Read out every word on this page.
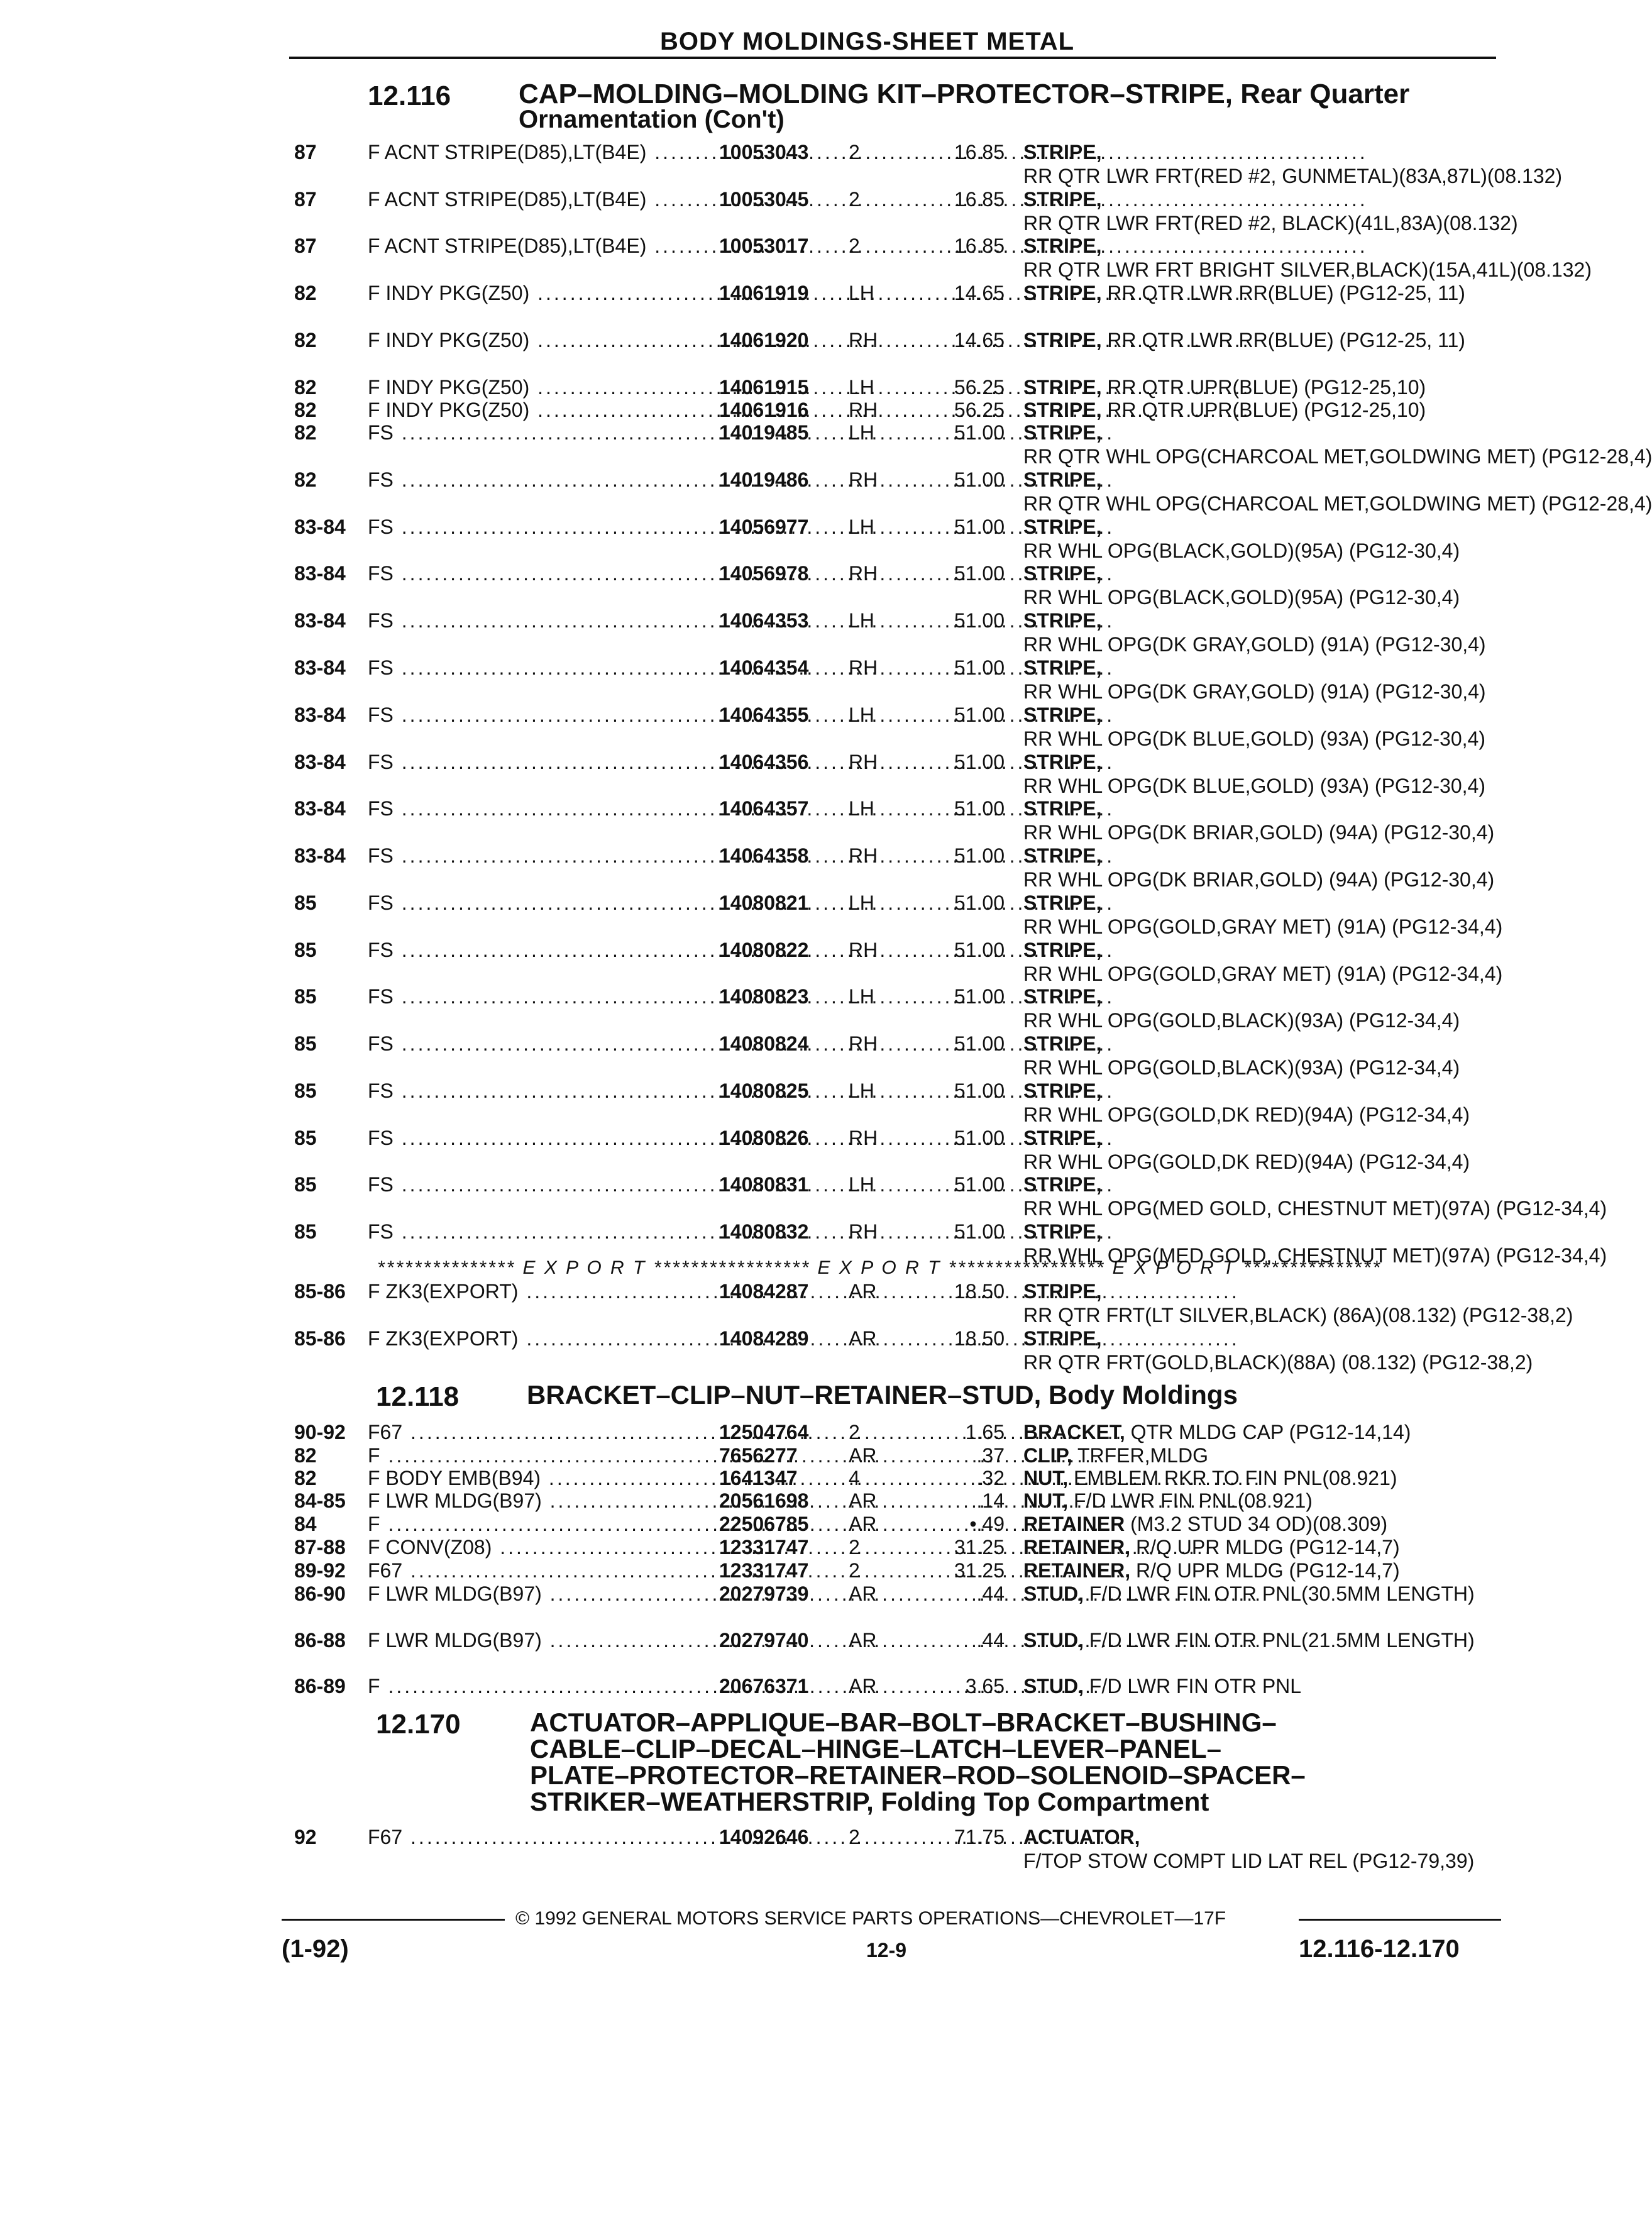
BODY MOLDINGS-SHEET METAL
12.116 CAP–MOLDING–MOLDING KIT–PROTECTOR–STRIPE, Rear Quarter
Ornamentation (Con't)
87	F ACNT STRIPE(D85),LT(B4E) .....	10053043 2	16.85 STRIPE, RR QTR LWR FRT(RED #2, GUNMETAL)(83A,87L)(08.132)
87	F ACNT STRIPE(D85),LT(B4E) .....	10053045 2	16.85 STRIPE, RR QTR LWR FRT(RED #2, BLACK)(41L,83A)(08.132)
87	F ACNT STRIPE(D85),LT(B4E) .....	10053017 2	16.85 STRIPE, RR QTR LWR FRT BRIGHT SILVER,BLACK)(15A,41L)(08.132)
82	F INDY PKG(Z50) .....	14061919 LH	14.65 STRIPE, RR QTR LWR RR(BLUE) (PG12-25, 11)
82	F INDY PKG(Z50) .....	14061920 RH	14.65 STRIPE, RR QTR LWR RR(BLUE) (PG12-25, 11)
82	F INDY PKG(Z50) .....	14061915 LH	56.25 STRIPE, RR QTR UPR(BLUE) (PG12-25,10)
82	F INDY PKG(Z50) .....	14061916 RH	56.25 STRIPE, RR QTR UPR(BLUE) (PG12-25,10)
82	FS .....	14019485 LH	51.00 STRIPE, RR QTR WHL OPG(CHARCOAL MET,GOLDWING MET) (PG12-28,4)
82	FS .....	14019486 RH	51.00 STRIPE, RR QTR WHL OPG(CHARCOAL MET,GOLDWING MET) (PG12-28,4)
83-84 FS .....	14056977 LH	51.00 STRIPE, RR WHL OPG(BLACK,GOLD)(95A) (PG12-30,4)
83-84 FS .....	14056978 RH	51.00 STRIPE, RR WHL OPG(BLACK,GOLD)(95A) (PG12-30,4)
83-84 FS .....	14064353 LH	51.00 STRIPE, RR WHL OPG(DK GRAY,GOLD) (91A) (PG12-30,4)
83-84 FS .....	14064354 RH	51.00 STRIPE, RR WHL OPG(DK GRAY,GOLD) (91A) (PG12-30,4)
83-84 FS .....	14064355 LH	51.00 STRIPE, RR WHL OPG(DK BLUE,GOLD) (93A) (PG12-30,4)
83-84 FS .....	14064356 RH	51.00 STRIPE, RR WHL OPG(DK BLUE,GOLD) (93A) (PG12-30,4)
83-84 FS .....	14064357 LH	51.00 STRIPE, RR WHL OPG(DK BRIAR,GOLD) (94A) (PG12-30,4)
83-84 FS .....	14064358 RH	51.00 STRIPE, RR WHL OPG(DK BRIAR,GOLD) (94A) (PG12-30,4)
85	FS .....	14080821 LH	51.00 STRIPE, RR WHL OPG(GOLD,GRAY MET) (91A) (PG12-34,4)
85	FS .....	14080822 RH	51.00 STRIPE, RR WHL OPG(GOLD,GRAY MET) (91A) (PG12-34,4)
85	FS .....	14080823 LH	51.00 STRIPE, RR WHL OPG(GOLD,BLACK)(93A) (PG12-34,4)
85	FS .....	14080824 RH	51.00 STRIPE, RR WHL OPG(GOLD,BLACK)(93A) (PG12-34,4)
85	FS .....	14080825 LH	51.00 STRIPE, RR WHL OPG(GOLD,DK RED)(94A) (PG12-34,4)
85	FS .....	14080826 RH	51.00 STRIPE, RR WHL OPG(GOLD,DK RED)(94A) (PG12-34,4)
85	FS .....	14080831 LH	51.00 STRIPE, RR WHL OPG(MED GOLD, CHESTNUT MET)(97A) (PG12-34,4)
85	FS .....	14080832 RH	51.00 STRIPE, RR WHL OPG(MED GOLD, CHESTNUT MET)(97A) (PG12-34,4)
*************** E X P O R T ***************** E X P O R T ***************** E X P O R T ***************
85-86 F ZK3(EXPORT) .....	14084287 AR	18.50 STRIPE, RR QTR FRT(LT SILVER,BLACK) (86A)(08.132) (PG12-38,2)
85-86 F ZK3(EXPORT) .....	14084289 AR	18.50 STRIPE, RR QTR FRT(GOLD,BLACK)(88A) (08.132) (PG12-38,2)
12.118	BRACKET–CLIP–NUT–RETAINER–STUD, Body Moldings
90-92 F67 .....	12504764 2	1.65 BRACKET, QTR MLDG CAP (PG12-14,14)
82	F .....	7656277	AR	.37 CLIP, TRFER,MLDG
82	F BODY EMB(B94) .....	1641347	4	.32 NUT, EMBLEM RKR TO FIN PNL(08.921)
84-85 F LWR MLDG(B97) .....	20561698 AR	.14 NUT, F/D LWR FIN PNL(08.921)
84	F .....	22506785 AR	•.49 RETAINER (M3.2 STUD 34 OD)(08.309)
87-88 F CONV(Z08) .....	12331747 2	31.25 RETAINER, R/Q UPR MLDG (PG12-14,7)
89-92 F67 .....	12331747 2	31.25 RETAINER, R/Q UPR MLDG (PG12-14,7)
86-90 F LWR MLDG(B97) .....	20279739 AR	.44 STUD, F/D LWR FIN OTR PNL(30.5MM LENGTH)
86-88 F LWR MLDG(B97) .....	20279740 AR	.44 STUD, F/D LWR FIN OTR PNL(21.5MM LENGTH)
86-89 F .....	20676371 AR	3.65 STUD, F/D LWR FIN OTR PNL
12.170	ACTUATOR–APPLIQUE–BAR–BOLT–BRACKET–BUSHING–
CABLE–CLIP–DECAL–HINGE–LATCH–LEVER–PANEL–
PLATE–PROTECTOR–RETAINER–ROD–SOLENOID–SPACER–
STRIKER–WEATHERSTRIP, Folding Top Compartment
92	F67 .....	14092646 2	71.75 ACTUATOR, F/TOP STOW COMPT LID LAT REL (PG12-79,39)
© 1992 GENERAL MOTORS SERVICE PARTS OPERATIONS—CHEVROLET—17F
(1-92)	12-9	12.116-12.170
